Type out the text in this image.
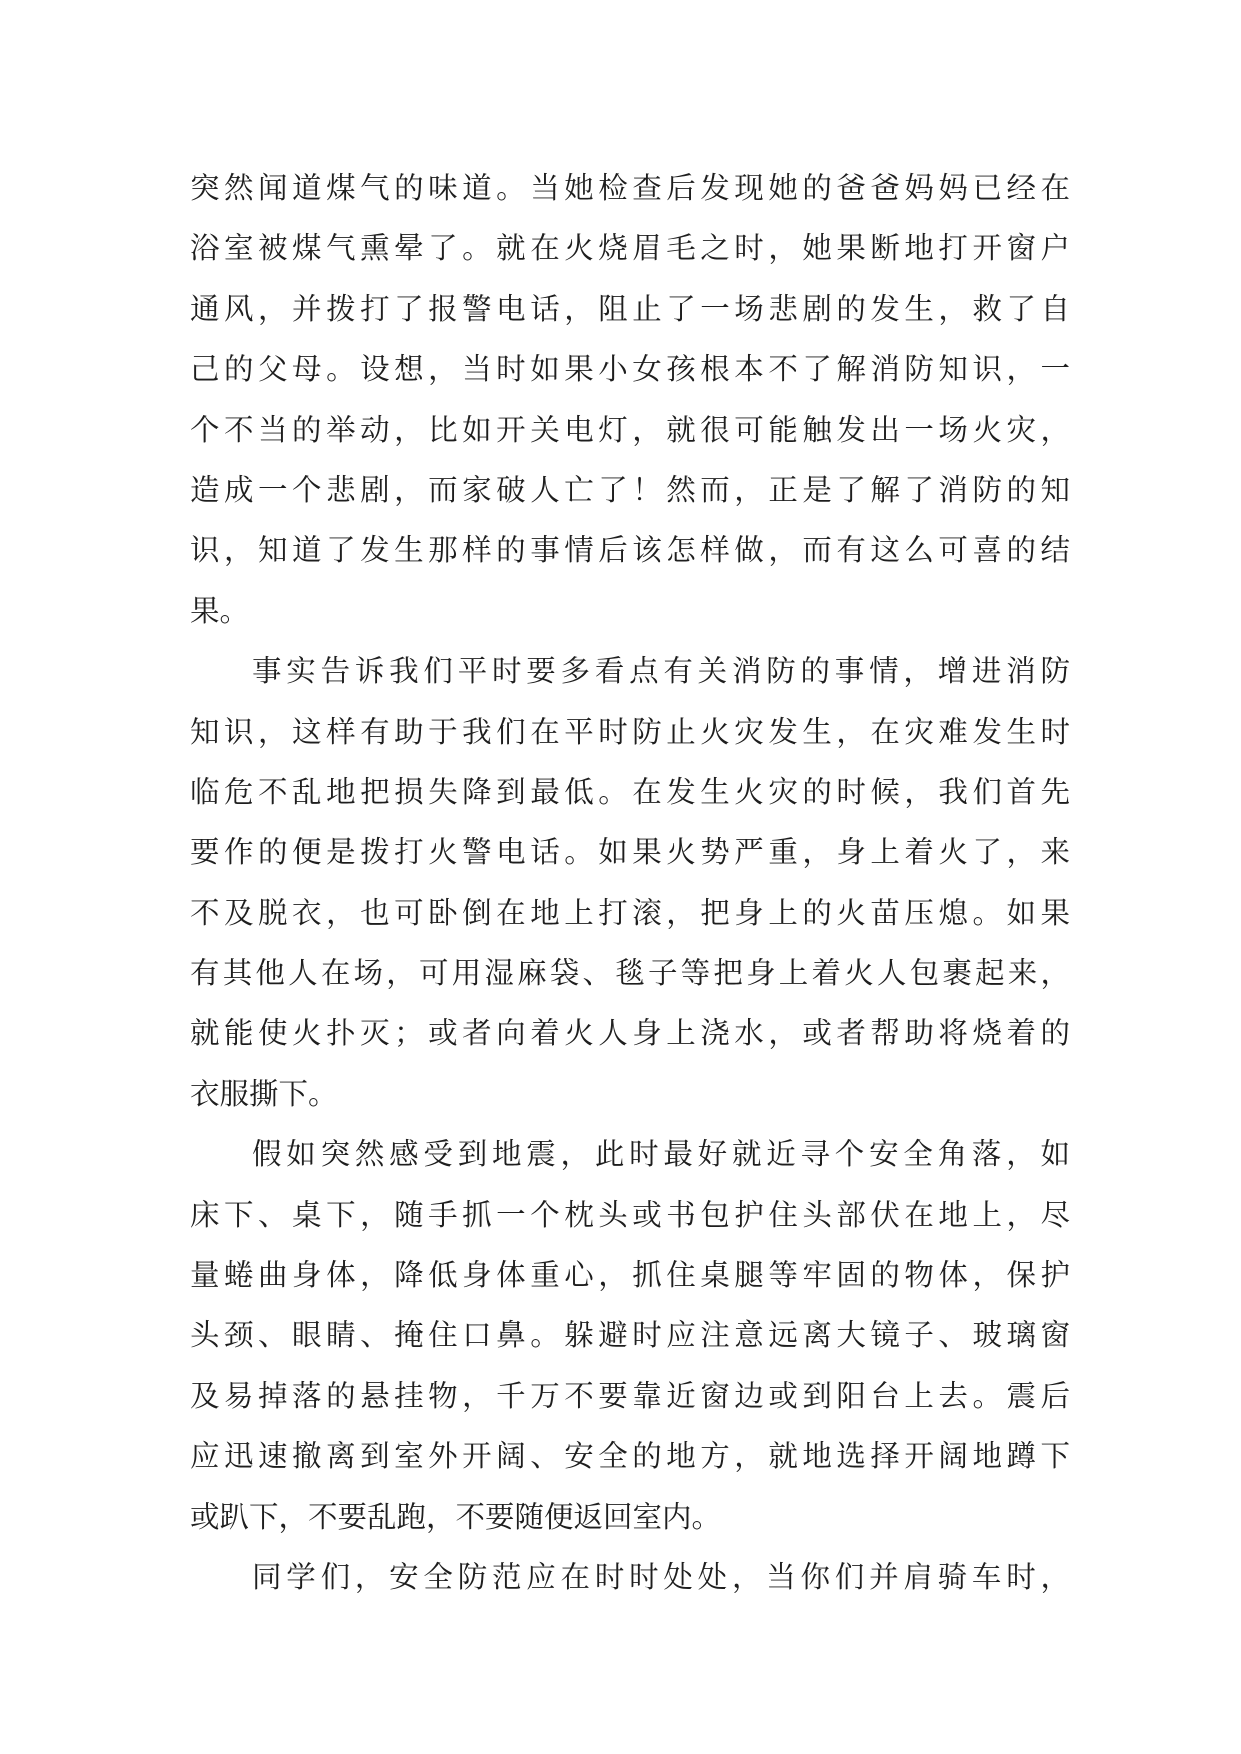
突然闻道煤气的味道。当她检查后发现她的爸爸妈妈已经在
浴室被煤气熏晕了。就在火烧眉毛之时，她果断地打开窗户
通风，并拨打了报警电话，阻止了一场悲剧的发生，救了自
己的父母。设想，当时如果小女孩根本不了解消防知识，一
个不当的举动，比如开关电灯，就很可能触发出一场火灾，
造成一个悲剧，而家破人亡了！然而，正是了解了消防的知
识，知道了发生那样的事情后该怎样做，而有这么可喜的结
果。
事实告诉我们平时要多看点有关消防的事情，增进消防
知识，这样有助于我们在平时防止火灾发生，在灾难发生时
临危不乱地把损失降到最低。在发生火灾的时候，我们首先
要作的便是拨打火警电话。如果火势严重，身上着火了，来
不及脱衣，也可卧倒在地上打滚，把身上的火苗压熄。如果
有其他人在场，可用湿麻袋、毯子等把身上着火人包裹起来，
就能使火扑灭；或者向着火人身上浇水，或者帮助将烧着的
衣服撕下。
假如突然感受到地震，此时最好就近寻个安全角落，如
床下、桌下，随手抓一个枕头或书包护住头部伏在地上，尽
量蜷曲身体，降低身体重心，抓住桌腿等牢固的物体，保护
头颈、眼睛、掩住口鼻。躲避时应注意远离大镜子、玻璃窗
及易掉落的悬挂物，千万不要靠近窗边或到阳台上去。震后
应迅速撤离到室外开阔、安全的地方，就地选择开阔地蹲下
或趴下，不要乱跑，不要随便返回室内。
同学们，安全防范应在时时处处，当你们并肩骑车时，
